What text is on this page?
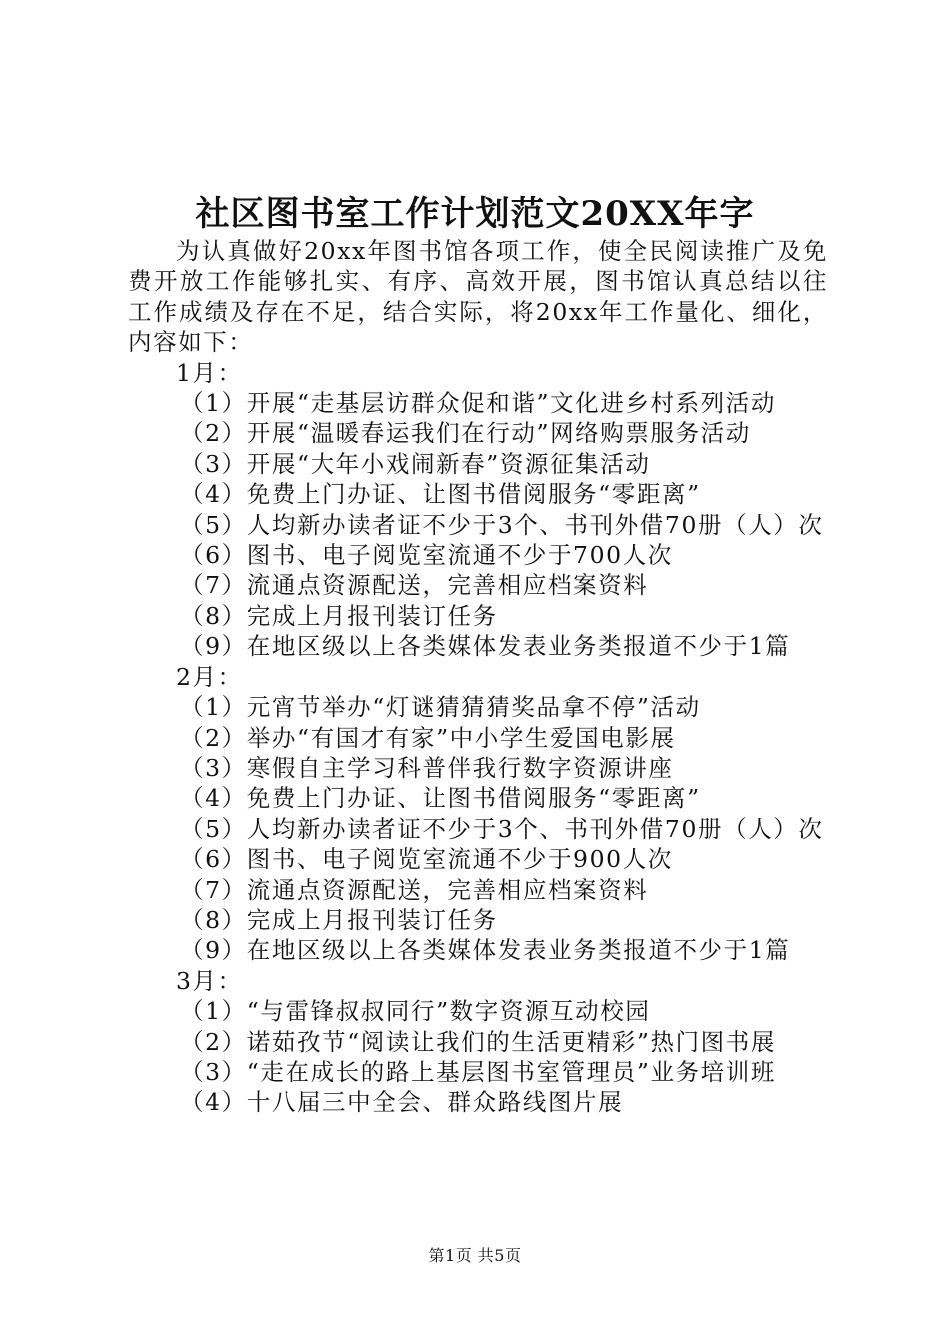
社区图书室工作计划范文20XX年字

为认真做好20xx年图书馆各项工作，使全民阅读推广及免费开放工作能够扎实、有序、高效开展，图书馆认真总结以往工作成绩及存在不足，结合实际，将20xx年工作量化、细化，内容如下：

1月：

（1）开展“走基层访群众促和谐”文化进乡村系列活动

（2）开展“温暖春运我们在行动”网络购票服务活动

（3）开展“大年小戏闹新春”资源征集活动

（4）免费上门办证、让图书借阅服务“零距离”

（5）人均新办读者证不少于3个、书刊外借70册（人）次

（6）图书、电子阅览室流通不少于700人次

（7）流通点资源配送，完善相应档案资料

（8）完成上月报刊装订任务

（9）在地区级以上各类媒体发表业务类报道不少于1篇

2月：

（1）元宵节举办“灯谜猜猜猜奖品拿不停”活动

（2）举办“有国才有家”中小学生爱国电影展

（3）寒假自主学习科普伴我行数字资源讲座

（4）免费上门办证、让图书借阅服务“零距离”

（5）人均新办读者证不少于3个、书刊外借70册（人）次

（6）图书、电子阅览室流通不少于900人次

（7）流通点资源配送，完善相应档案资料

（8）完成上月报刊装订任务

（9）在地区级以上各类媒体发表业务类报道不少于1篇

3月：

（1）“与雷锋叔叔同行”数字资源互动校园

（2）诺茹孜节“阅读让我们的生活更精彩”热门图书展

（3）“走在成长的路上基层图书室管理员”业务培训班

（4）十八届三中全会、群众路线图片展

第1页 共5页
